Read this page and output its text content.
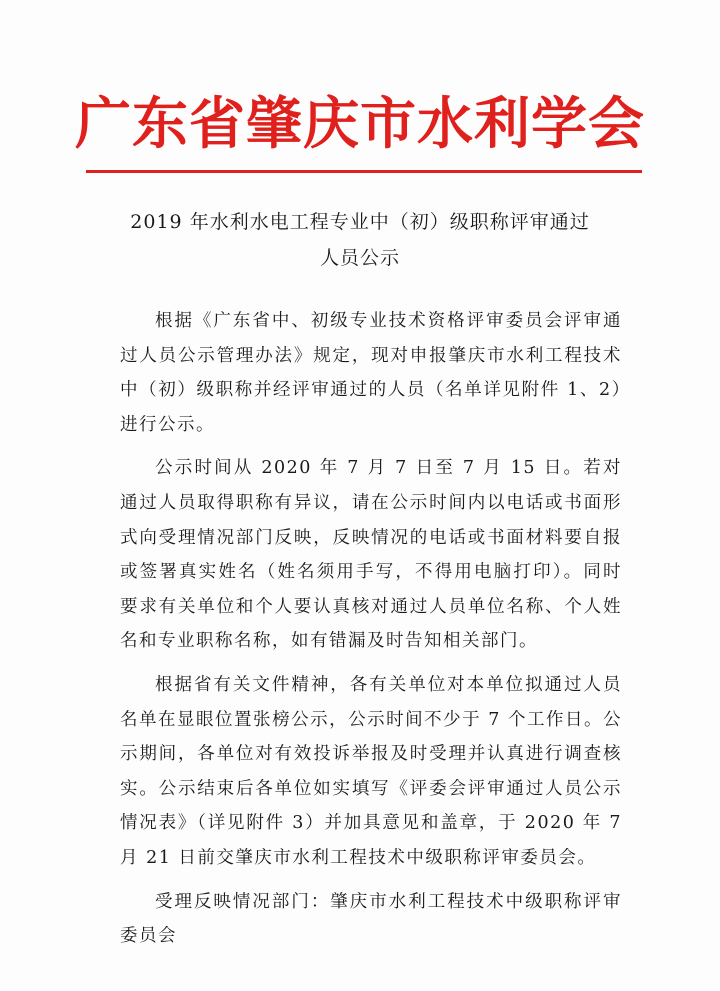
广东省肇庆市水利学会
2019 年水利水电工程专业中（初）级职称评审通过
人员公示

根据《广东省中、初级专业技术资格评审委员会评审通过人员公示管理办法》规定，现对申报肇庆市水利工程技术中（初）级职称并经评审通过的人员（名单详见附件 1、2）进行公示。

公示时间从 2020 年 7 月 7 日至 7 月 15 日。若对通过人员取得职称有异议，请在公示时间内以电话或书面形式向受理情况部门反映，反映情况的电话或书面材料要自报或签署真实姓名（姓名须用手写，不得用电脑打印）。同时要求有关单位和个人要认真核对通过人员单位名称、个人姓名和专业职称名称，如有错漏及时告知相关部门。

根据省有关文件精神，各有关单位对本单位拟通过人员名单在显眼位置张榜公示，公示时间不少于 7 个工作日。公示期间，各单位对有效投诉举报及时受理并认真进行调查核实。公示结束后各单位如实填写《评委会评审通过人员公示情况表》（详见附件 3）并加具意见和盖章，于 2020 年 7 月 21 日前交肇庆市水利工程技术中级职称评审委员会。

受理反映情况部门：肇庆市水利工程技术中级职称评审委员会
